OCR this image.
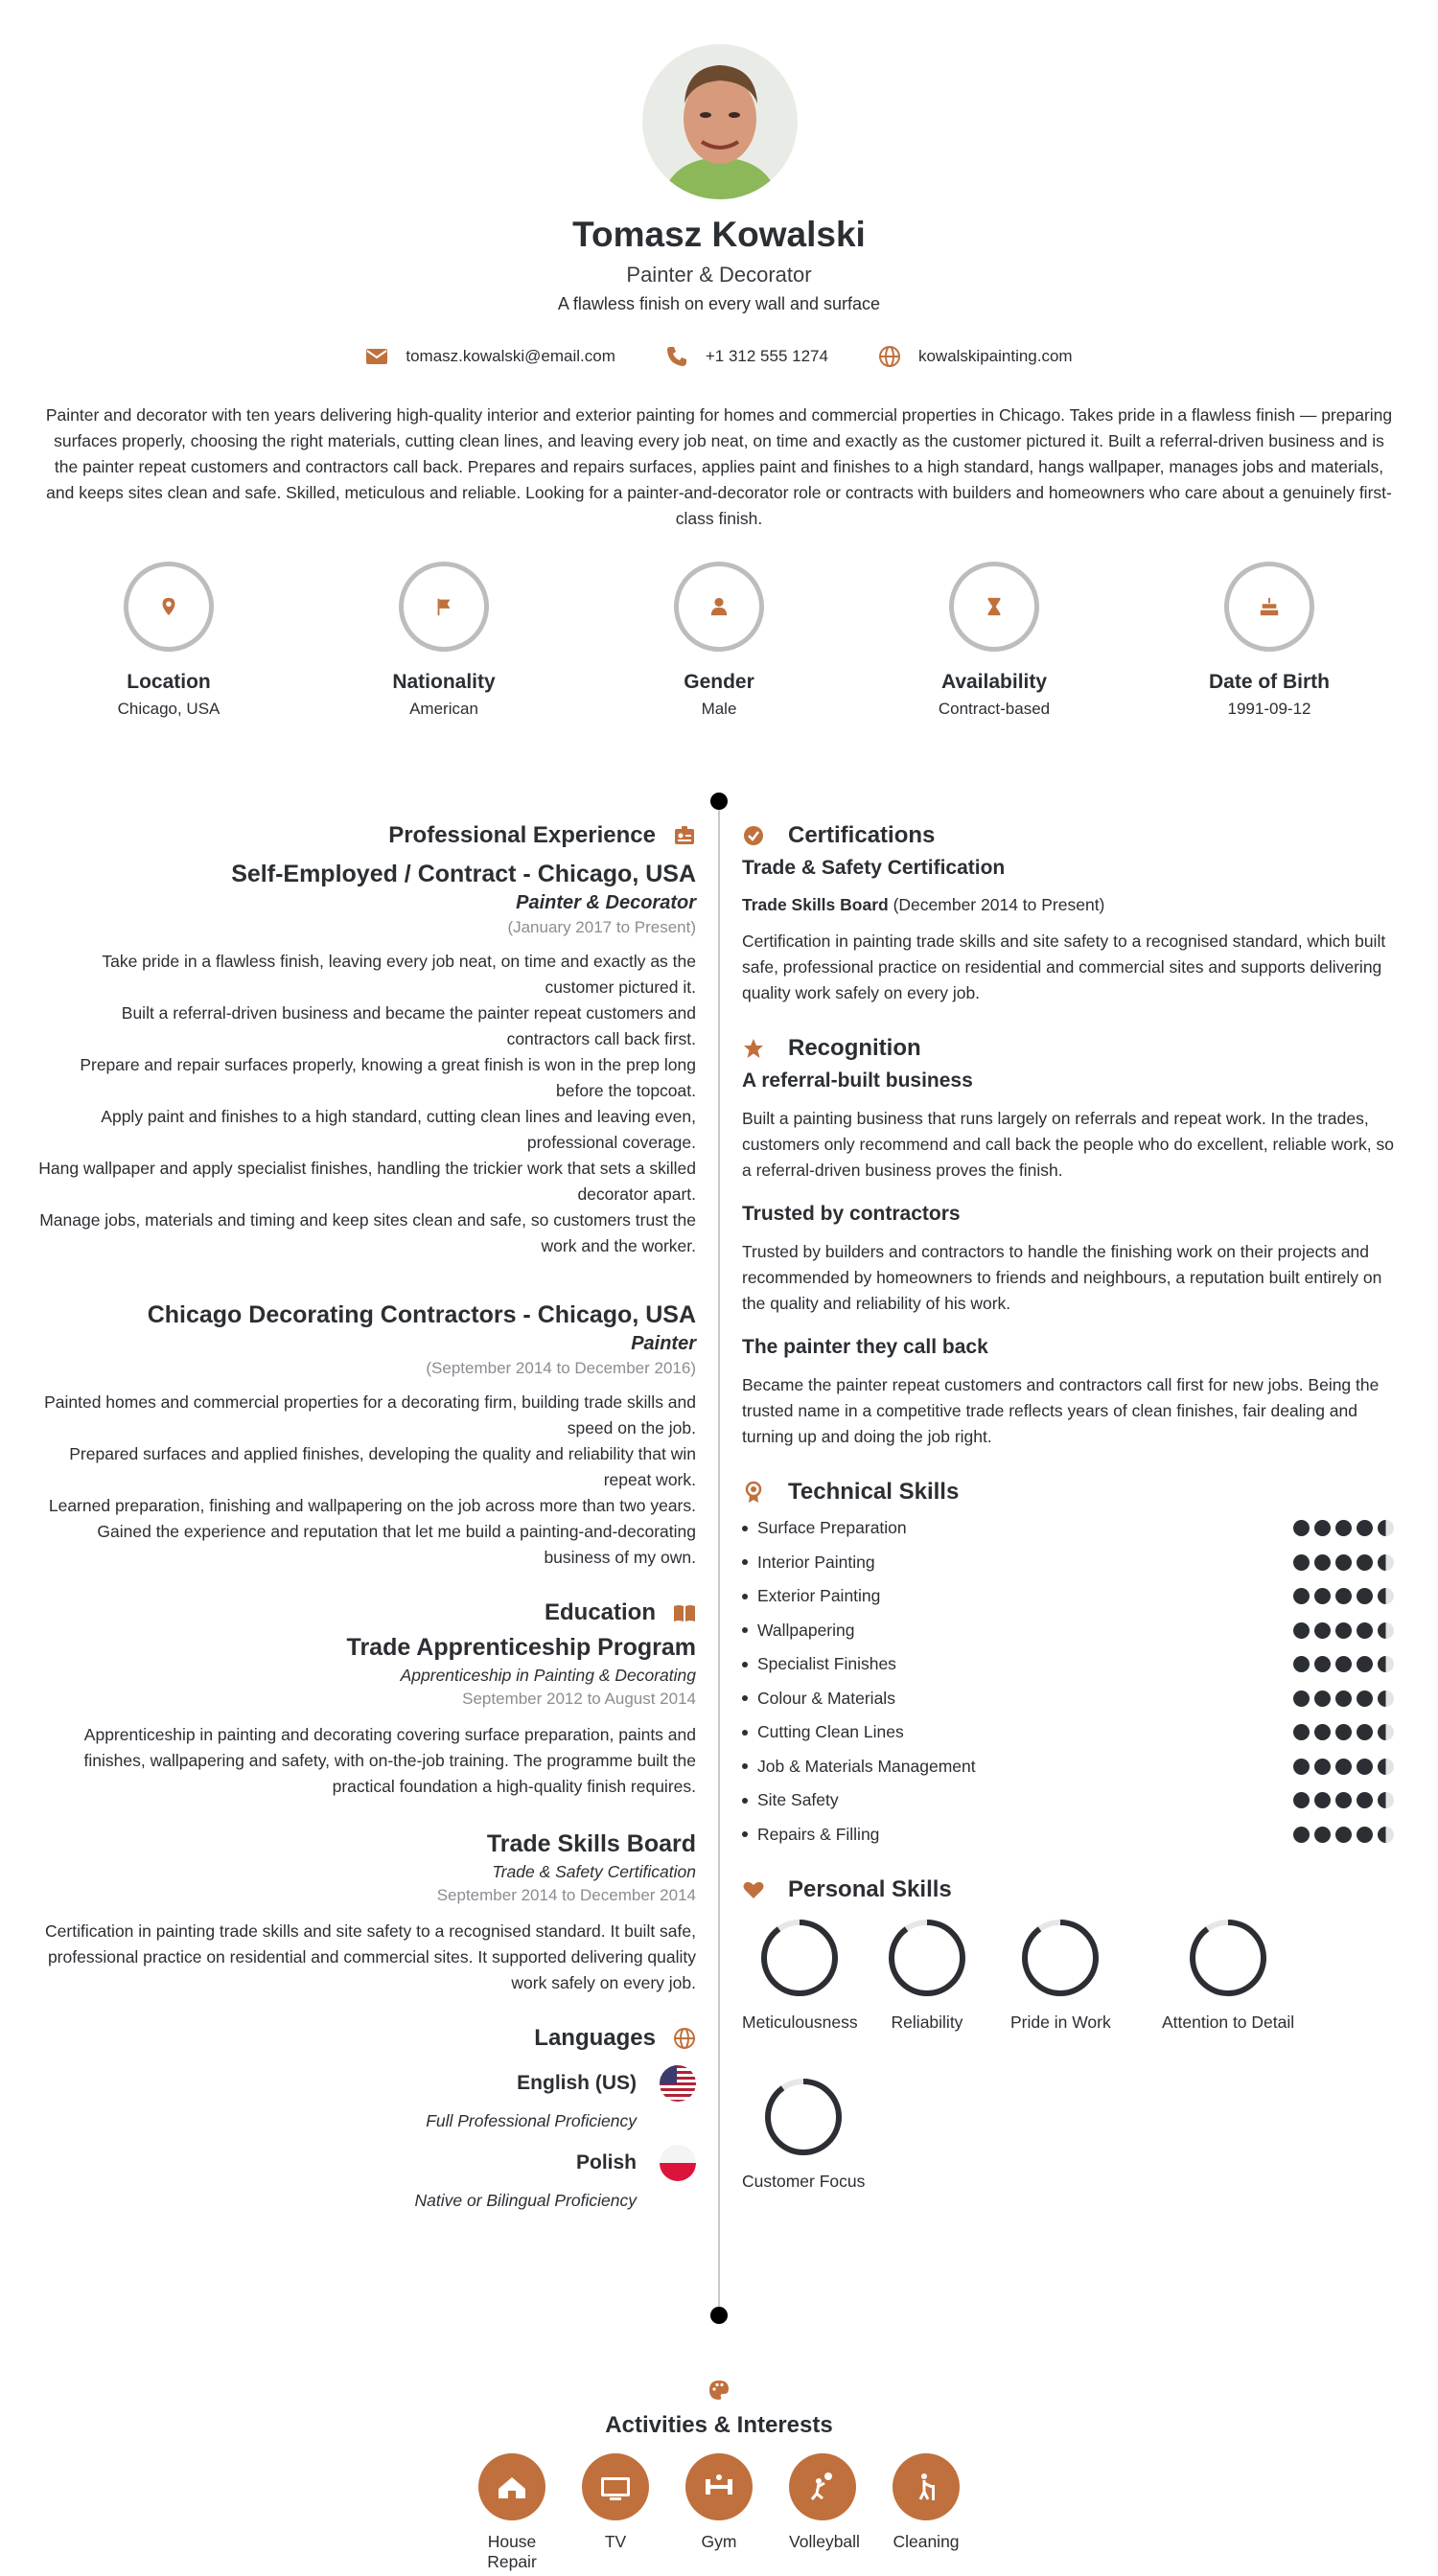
Tomasz Kowalski
Painter & Decorator
A flawless finish on every wall and surface
tomasz.kowalski@email.com	+1 312 555 1274	kowalskipainting.com
Painter and decorator with ten years delivering high-quality interior and exterior painting for homes and commercial properties in Chicago. Takes pride in a flawless finish — preparing surfaces properly, choosing the right materials, cutting clean lines, and leaving every job neat, on time and exactly as the customer pictured it. Built a referral-driven business and is the painter repeat customers and contractors call back. Prepares and repairs surfaces, applies paint and finishes to a high standard, hangs wallpaper, manages jobs and materials, and keeps sites clean and safe. Skilled, meticulous and reliable. Looking for a painter-and-decorator role or contracts with builders and homeowners who care about a genuinely first-class finish.
Location
Chicago, USA
Nationality
American
Gender
Male
Availability
Contract-based
Date of Birth
1991-09-12
Professional Experience
Self-Employed / Contract - Chicago, USA
Painter & Decorator
(January 2017 to Present)
Take pride in a flawless finish, leaving every job neat, on time and exactly as the customer pictured it.
Built a referral-driven business and became the painter repeat customers and contractors call back first.
Prepare and repair surfaces properly, knowing a great finish is won in the prep long before the topcoat.
Apply paint and finishes to a high standard, cutting clean lines and leaving even, professional coverage.
Hang wallpaper and apply specialist finishes, handling the trickier work that sets a skilled decorator apart.
Manage jobs, materials and timing and keep sites clean and safe, so customers trust the work and the worker.
Chicago Decorating Contractors - Chicago, USA
Painter
(September 2014 to December 2016)
Painted homes and commercial properties for a decorating firm, building trade skills and speed on the job.
Prepared surfaces and applied finishes, developing the quality and reliability that win repeat work.
Learned preparation, finishing and wallpapering on the job across more than two years.
Gained the experience and reputation that let me build a painting-and-decorating business of my own.
Education
Trade Apprenticeship Program
Apprenticeship in Painting & Decorating
September 2012 to August 2014
Apprenticeship in painting and decorating covering surface preparation, paints and finishes, wallpapering and safety, with on-the-job training. The programme built the practical foundation a high-quality finish requires.
Trade Skills Board
Trade & Safety Certification
September 2014 to December 2014
Certification in painting trade skills and site safety to a recognised standard. It built safe, professional practice on residential and commercial sites. It supported delivering quality work safely on every job.
Languages
English (US)
Full Professional Proficiency
Polish
Native or Bilingual Proficiency
Certifications
Trade & Safety Certification
Trade Skills Board (December 2014 to Present)
Certification in painting trade skills and site safety to a recognised standard, which built safe, professional practice on residential and commercial sites and supports delivering quality work safely on every job.
Recognition
A referral-built business
Built a painting business that runs largely on referrals and repeat work. In the trades, customers only recommend and call back the people who do excellent, reliable work, so a referral-driven business proves the finish.
Trusted by contractors
Trusted by builders and contractors to handle the finishing work on their projects and recommended by homeowners to friends and neighbours, a reputation built entirely on the quality and reliability of his work.
The painter they call back
Became the painter repeat customers and contractors call first for new jobs. Being the trusted name in a competitive trade reflects years of clean finishes, fair dealing and turning up and doing the job right.
Technical Skills
Surface Preparation
Interior Painting
Exterior Painting
Wallpapering
Specialist Finishes
Colour & Materials
Cutting Clean Lines
Job & Materials Management
Site Safety
Repairs & Filling
Personal Skills
Meticulousness	Reliability	Pride in Work	Attention to Detail
Customer Focus
Activities & Interests
House Repair
TV	Gym	Volleyball Cleaning
